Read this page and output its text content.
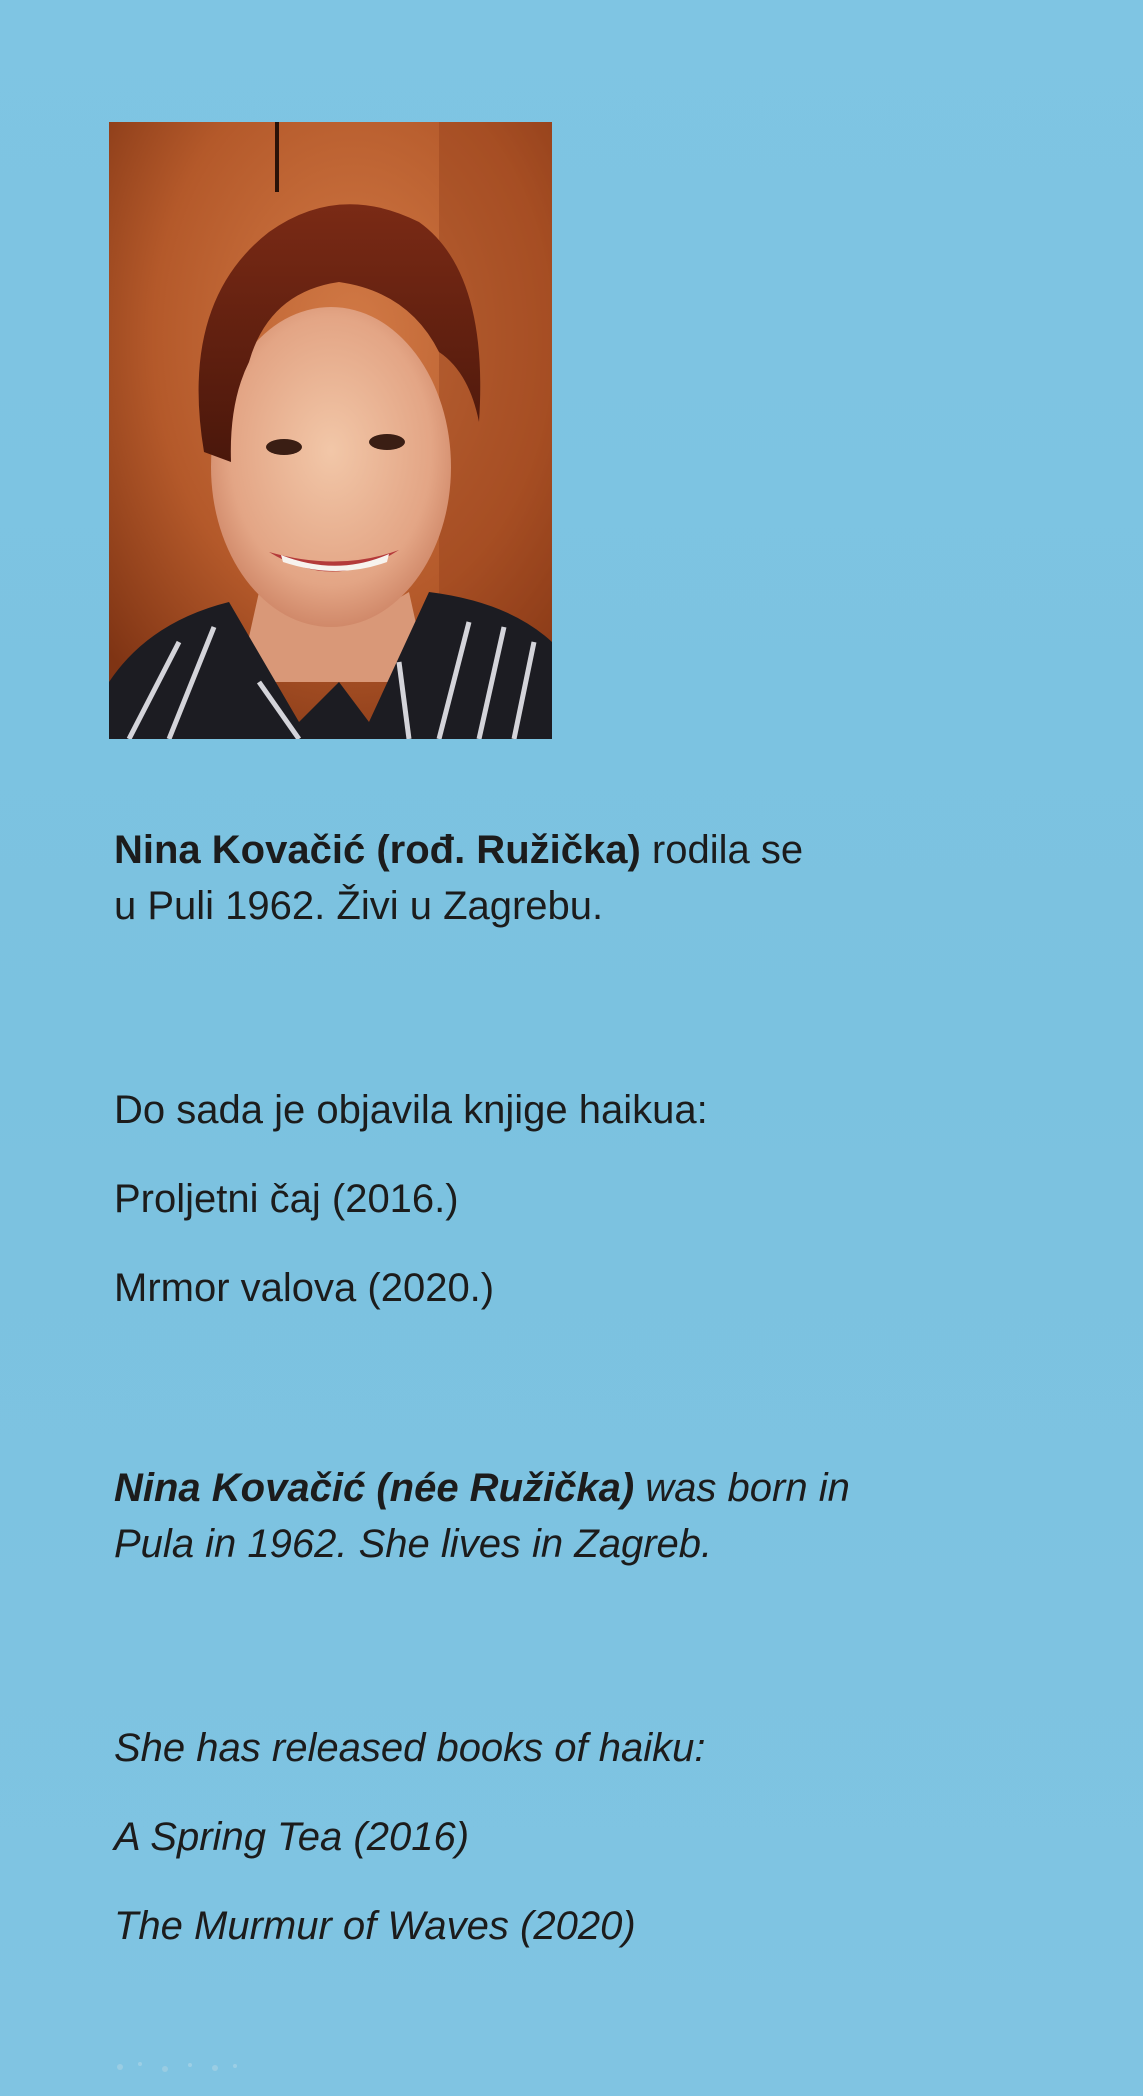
Nina Kovačić (rođ. Ružička) rodila se
u Puli 1962. Živi u Zagrebu.
Do sada je objavila knjige haikua:
Proljetni čaj (2016.)
Mrmor valova (2020.)
Nina Kovačić (née Ružička) was born in
Pula in 1962. She lives in Zagreb.
She has released books of haiku:
A Spring Tea (2016)
The Murmur of Waves (2020)
